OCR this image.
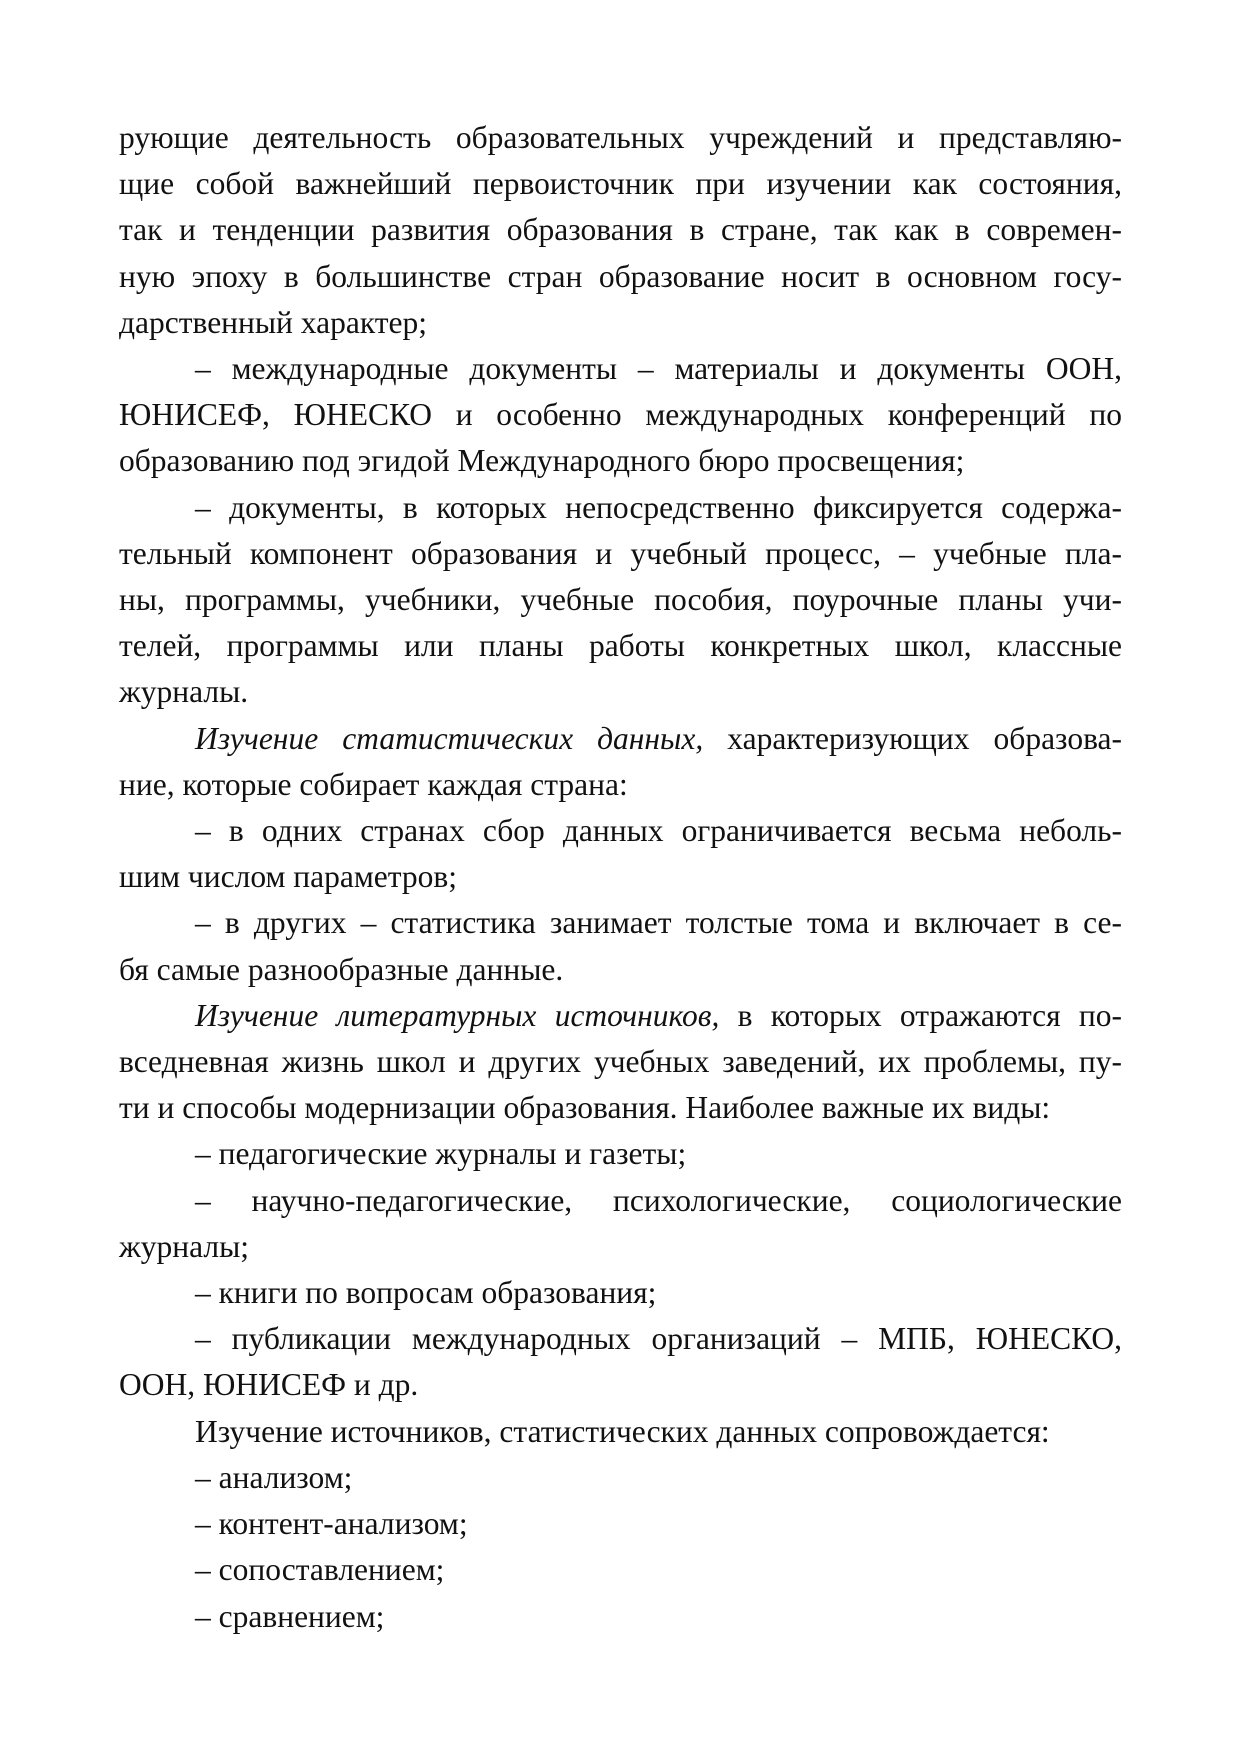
рующие деятельность образовательных учреждений и представляю-
щие собой важнейший первоисточник при изучении как состояния,
так и тенденции развития образования в стране, так как в современ-
ную эпоху в большинстве стран образование носит в основном госу-
дарственный характер;
– международные документы – материалы и документы ООН,
ЮНИСЕФ, ЮНЕСКО и особенно международных конференций по
образованию под эгидой Международного бюро просвещения;
– документы, в которых непосредственно фиксируется содержа-
тельный компонент образования и учебный процесс, – учебные пла-
ны, программы, учебники, учебные пособия, поурочные планы учи-
телей, программы или планы работы конкретных школ, классные
журналы.
Изучение статистических данных, характеризующих образова-
ние, которые собирает каждая страна:
– в одних странах сбор данных ограничивается весьма неболь-
шим числом параметров;
– в других – статистика занимает толстые тома и включает в се-
бя самые разнообразные данные.
Изучение литературных источников, в которых отражаются по-
вседневная жизнь школ и других учебных заведений, их проблемы, пу-
ти и способы модернизации образования. Наиболее важные их виды:
– педагогические журналы и газеты;
– научно-педагогические, психологические, социологические
журналы;
– книги по вопросам образования;
– публикации международных организаций – МПБ, ЮНЕСКО,
ООН, ЮНИСЕФ и др.
Изучение источников, статистических данных сопровождается:
– анализом;
– контент-анализом;
– сопоставлением;
– сравнением;
